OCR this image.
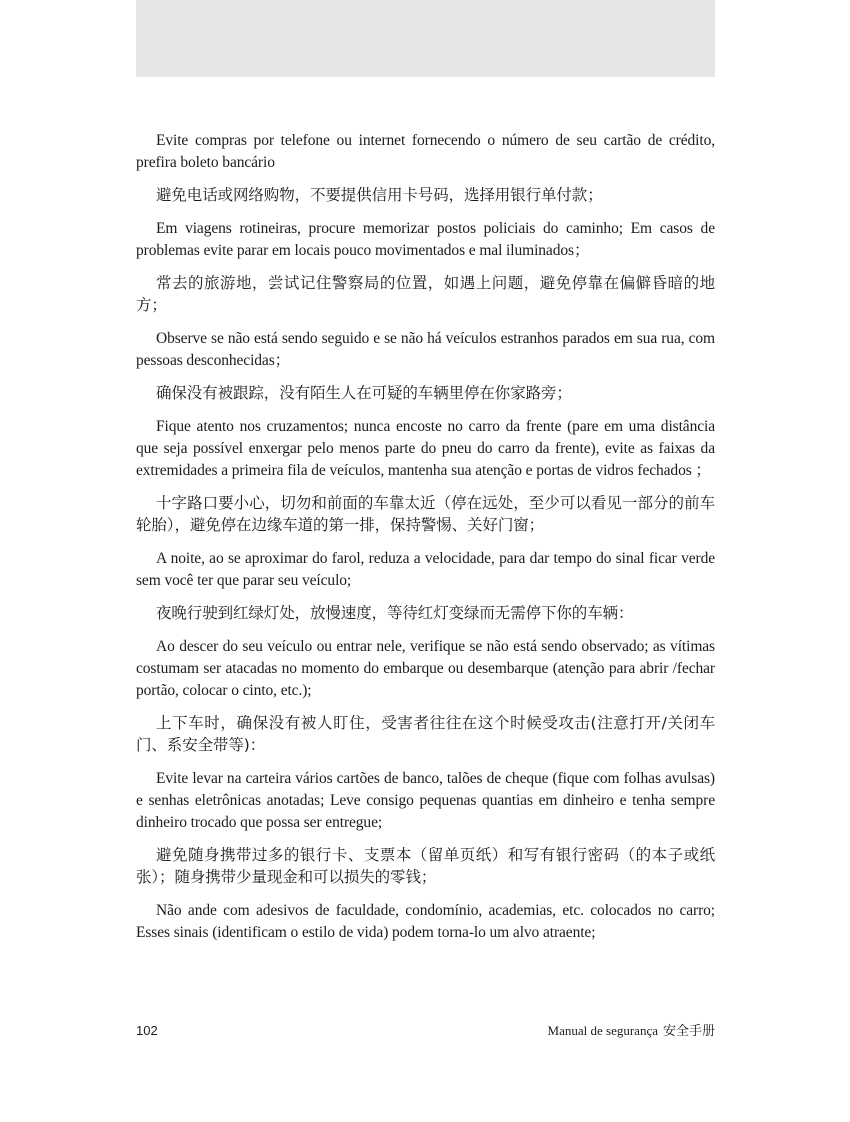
Evite compras por telefone ou internet fornecendo o número de seu cartão de crédito, prefira boleto bancário

避免电话或网络购物，不要提供信用卡号码，选择用银行单付款；

Em viagens rotineiras, procure memorizar postos policiais do caminho; Em casos de problemas evite parar em locais pouco movimentados e mal iluminados；

常去的旅游地，尝试记住警察局的位置，如遇上问题，避免停靠在偏僻昏暗的地方；

Observe se não está sendo seguido e se não há veículos estranhos parados em sua rua, com pessoas desconhecidas；

确保没有被跟踪，没有陌生人在可疑的车辆里停在你家路旁；

Fique atento nos cruzamentos; nunca encoste no carro da frente (pare em uma distância que seja possível enxergar pelo menos parte do pneu do carro da frente), evite as faixas da extremidades a primeira fila de veículos, mantenha sua atenção e portas de vidros fechados ；

十字路口要小心，切勿和前面的车靠太近（停在远处，至少可以看见一部分的前车轮胎），避免停在边缘车道的第一排，保持警惕、关好门窗；

A noite, ao se aproximar do farol, reduza a velocidade, para dar tempo do sinal ficar verde sem você ter que parar seu veículo;

夜晚行驶到红绿灯处，放慢速度，等待红灯变绿而无需停下你的车辆：

Ao descer do seu veículo ou entrar nele, verifique se não está sendo observado; as vítimas costumam ser atacadas no momento do embarque ou desembarque (atenção para abrir /fechar portão, colocar o cinto, etc.);

上下车时，确保没有被人盯住，受害者往往在这个时候受攻击(注意打开/关闭车门、系安全带等)：

Evite levar na carteira vários cartões de banco, talões de cheque (fique com folhas avulsas) e senhas eletrônicas anotadas; Leve consigo pequenas quantias em dinheiro e tenha sempre dinheiro trocado que possa ser entregue;

避免随身携带过多的银行卡、支票本（留单页纸）和写有银行密码（的本子或纸张）；随身携带少量现金和可以损失的零钱；

Não ande com adesivos de faculdade, condomínio, academias, etc. colocados no carro; Esses sinais (identificam o estilo de vida) podem torna-lo um alvo atraente;

102	Manual de segurança 安全手册
